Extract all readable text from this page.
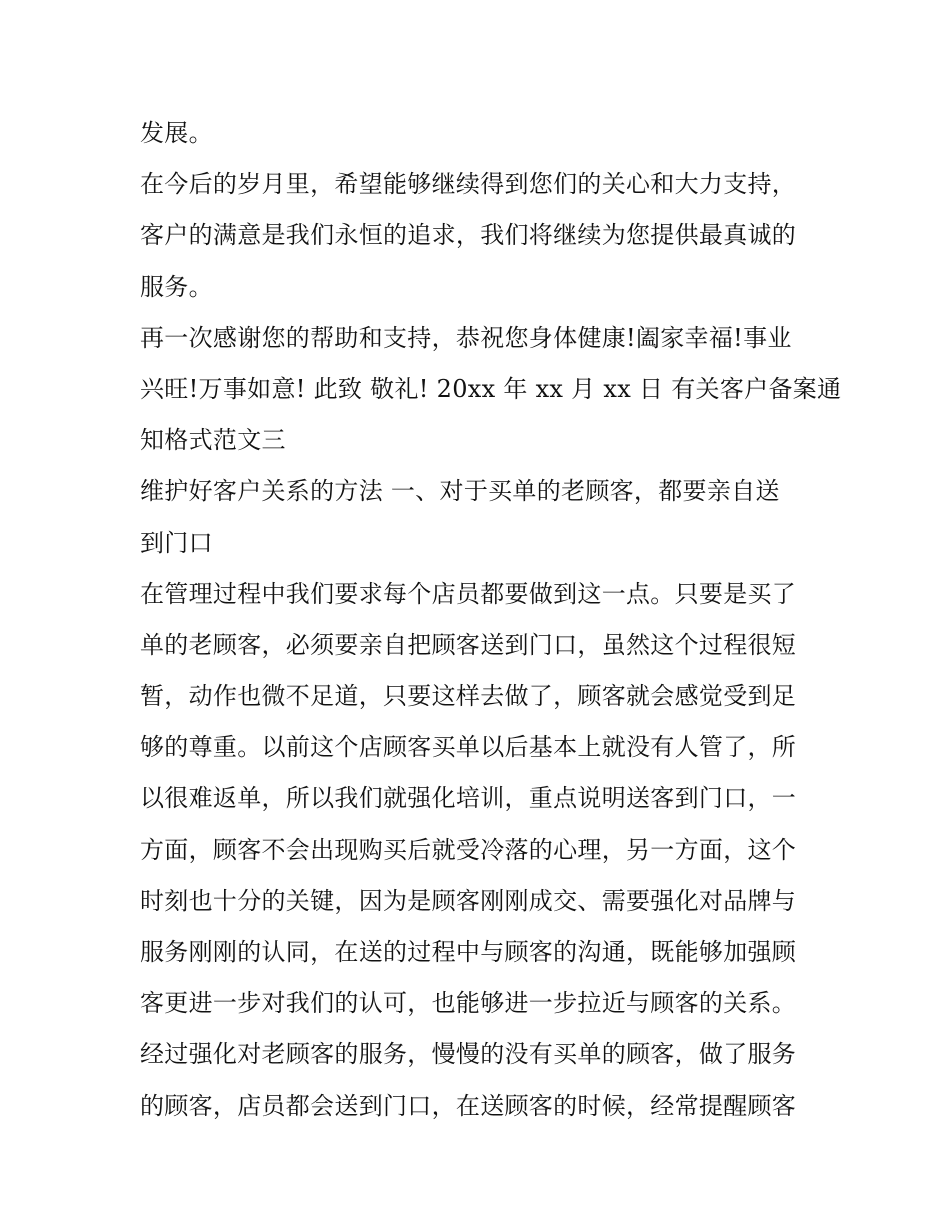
发展。
在今后的岁月里，希望能够继续得到您们的关心和大力支持，
客户的满意是我们永恒的追求，我们将继续为您提供最真诚的
服务。
再一次感谢您的帮助和支持，恭祝您身体健康!阖家幸福!事业
兴旺!万事如意! 此致 敬礼! 20xx 年 xx 月 xx 日 有关客户备案通
知格式范文三
维护好客户关系的方法 一、对于买单的老顾客，都要亲自送
到门口
在管理过程中我们要求每个店员都要做到这一点。只要是买了
单的老顾客，必须要亲自把顾客送到门口，虽然这个过程很短
暂，动作也微不足道，只要这样去做了，顾客就会感觉受到足
够的尊重。以前这个店顾客买单以后基本上就没有人管了，所
以很难返单，所以我们就强化培训，重点说明送客到门口，一
方面，顾客不会出现购买后就受冷落的心理，另一方面，这个
时刻也十分的关键，因为是顾客刚刚成交、需要强化对品牌与
服务刚刚的认同，在送的过程中与顾客的沟通，既能够加强顾
客更进一步对我们的认可，也能够进一步拉近与顾客的关系。
经过强化对老顾客的服务，慢慢的没有买单的顾客，做了服务
的顾客，店员都会送到门口，在送顾客的时候，经常提醒顾客
